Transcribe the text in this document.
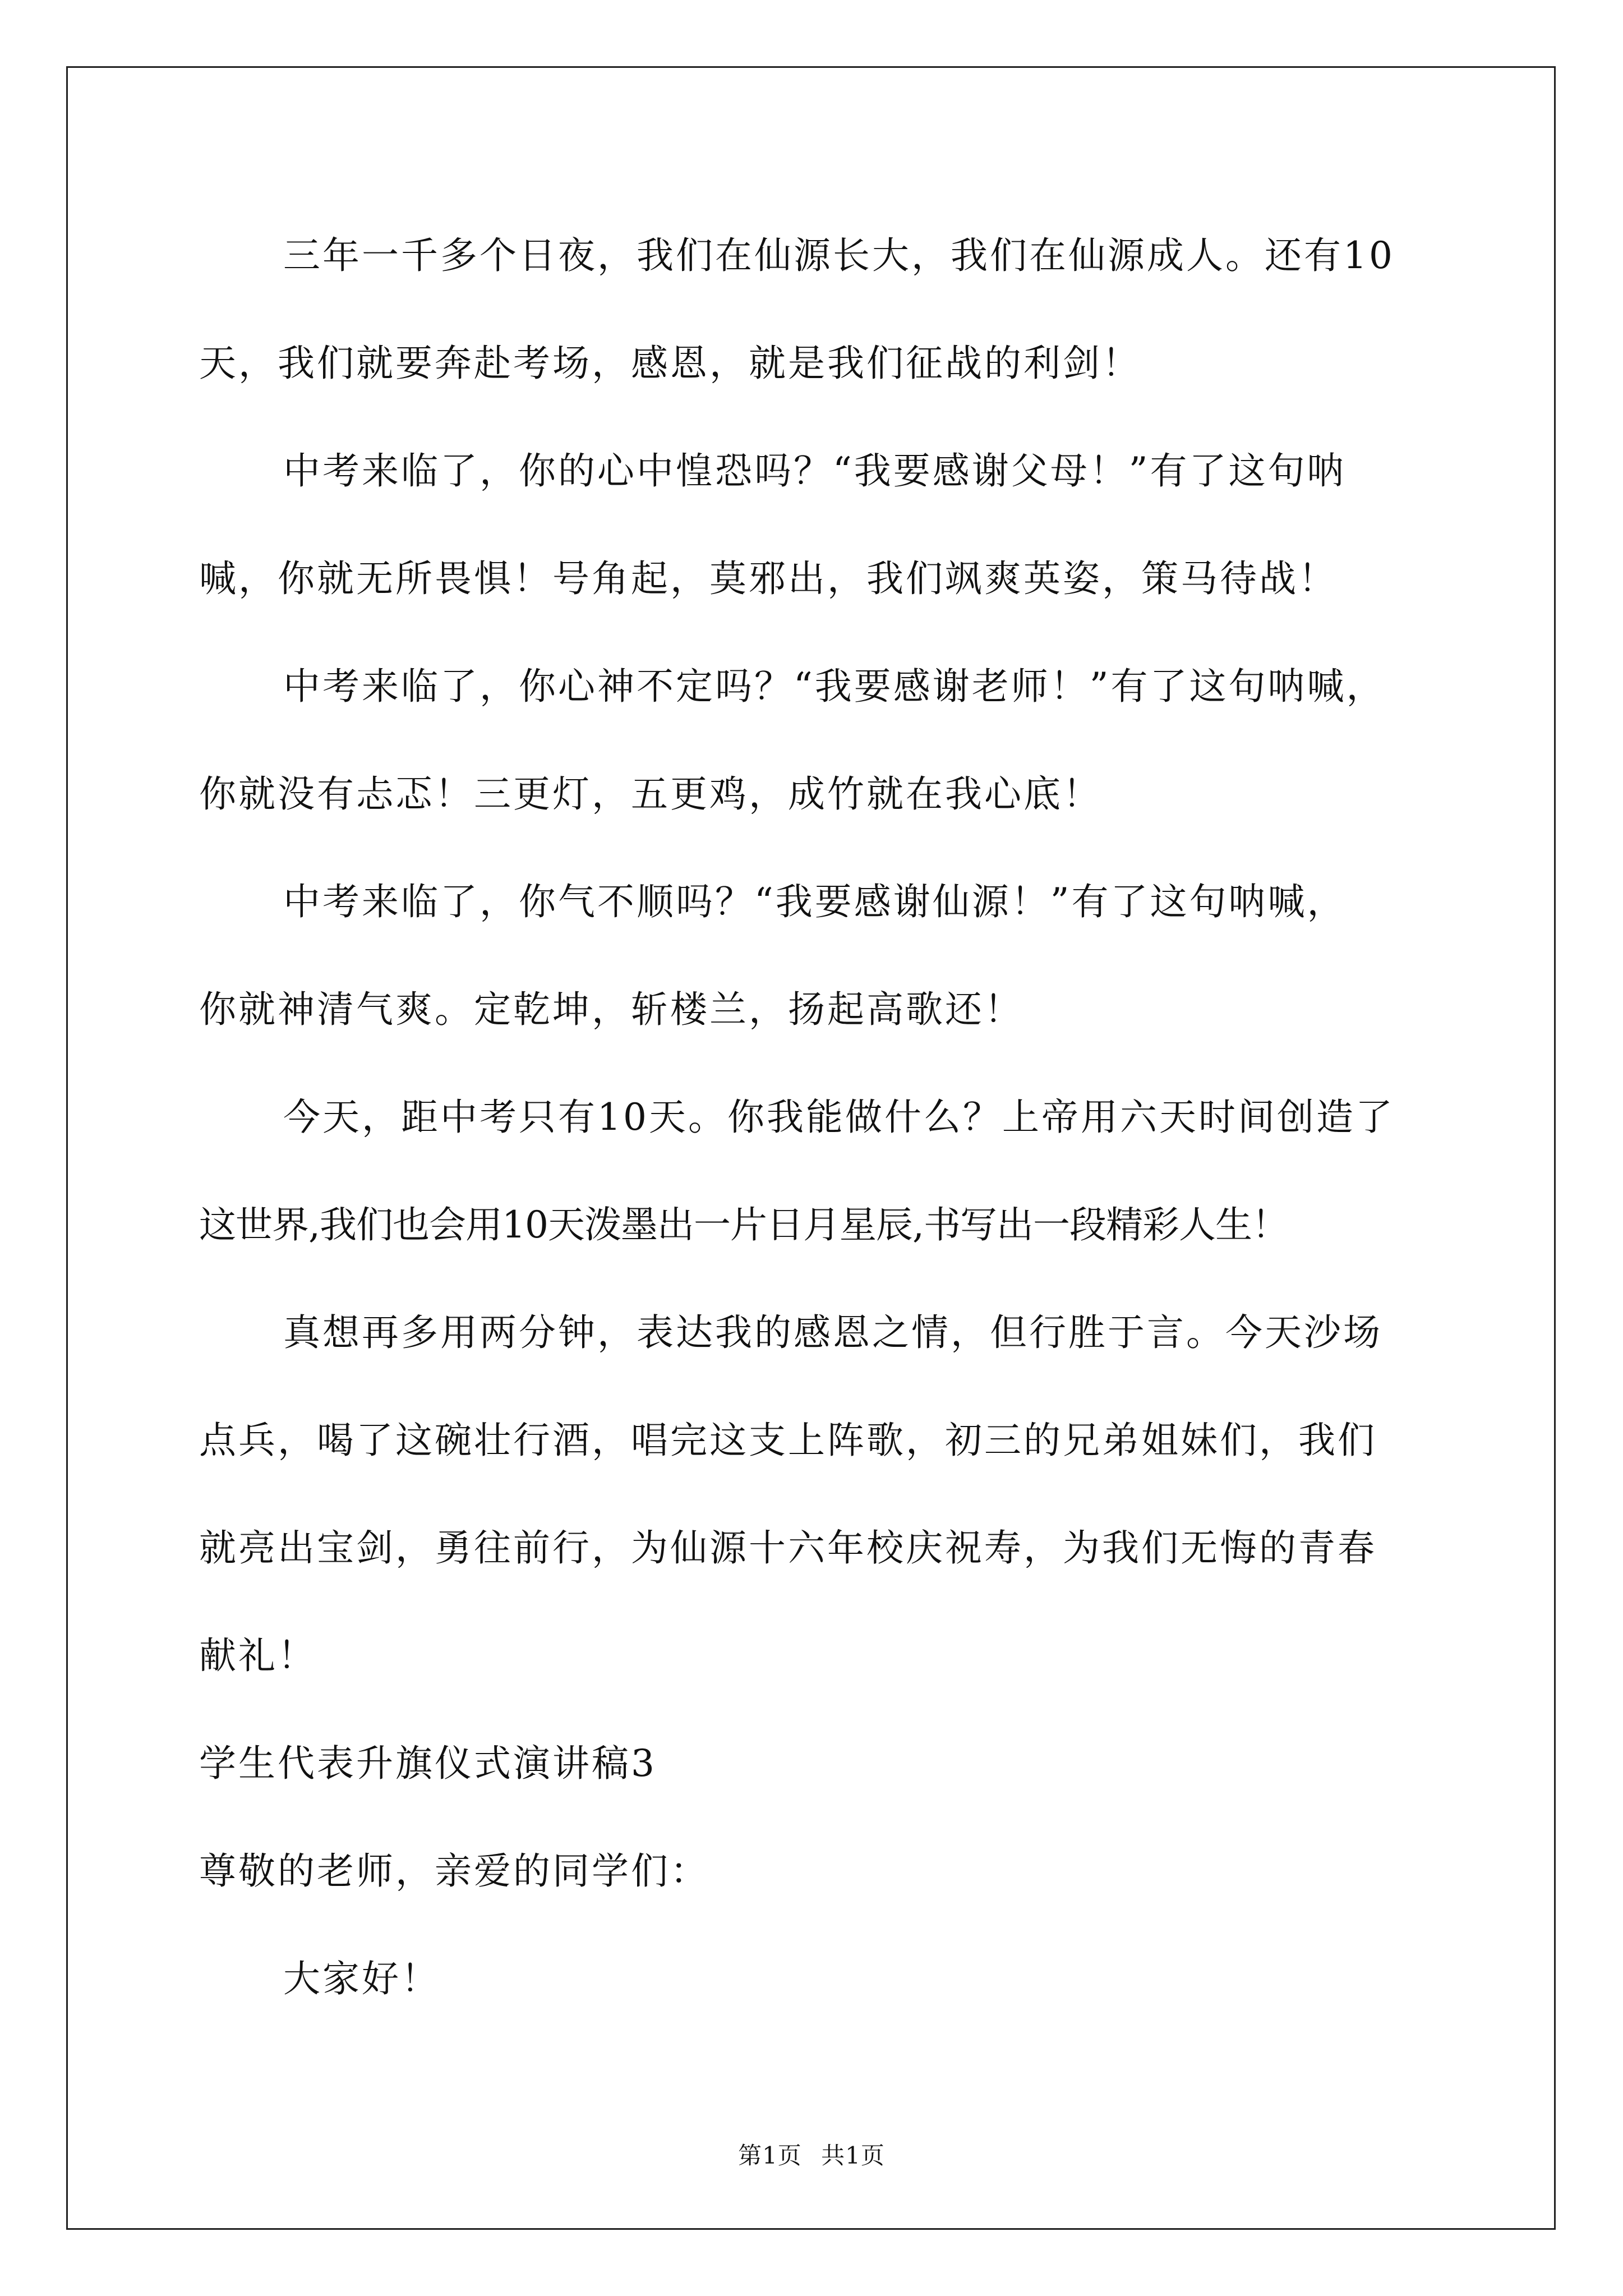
三年一千多个日夜，我们在仙源长大，我们在仙源成人。还有10

天，我们就要奔赴考场，感恩，就是我们征战的利剑！

中考来临了，你的心中惶恐吗？“我要感谢父母！”有了这句呐

喊，你就无所畏惧！号角起，莫邪出，我们飒爽英姿，策马待战！

中考来临了，你心神不定吗？“我要感谢老师！”有了这句呐喊，

你就没有忐忑！三更灯，五更鸡，成竹就在我心底！

中考来临了，你气不顺吗？“我要感谢仙源！”有了这句呐喊，

你就神清气爽。定乾坤，斩楼兰，扬起高歌还！

今天，距中考只有10天。你我能做什么？上帝用六天时间创造了

这世界,我们也会用10天泼墨出一片日月星辰,书写出一段精彩人生！

真想再多用两分钟，表达我的感恩之情，但行胜于言。今天沙场

点兵，喝了这碗壮行酒，唱完这支上阵歌，初三的兄弟姐妹们，我们

就亮出宝剑，勇往前行，为仙源十六年校庆祝寿，为我们无悔的青春

献礼！

学生代表升旗仪式演讲稿3

尊敬的老师，亲爱的同学们：

大家好！

第1页 共1页
